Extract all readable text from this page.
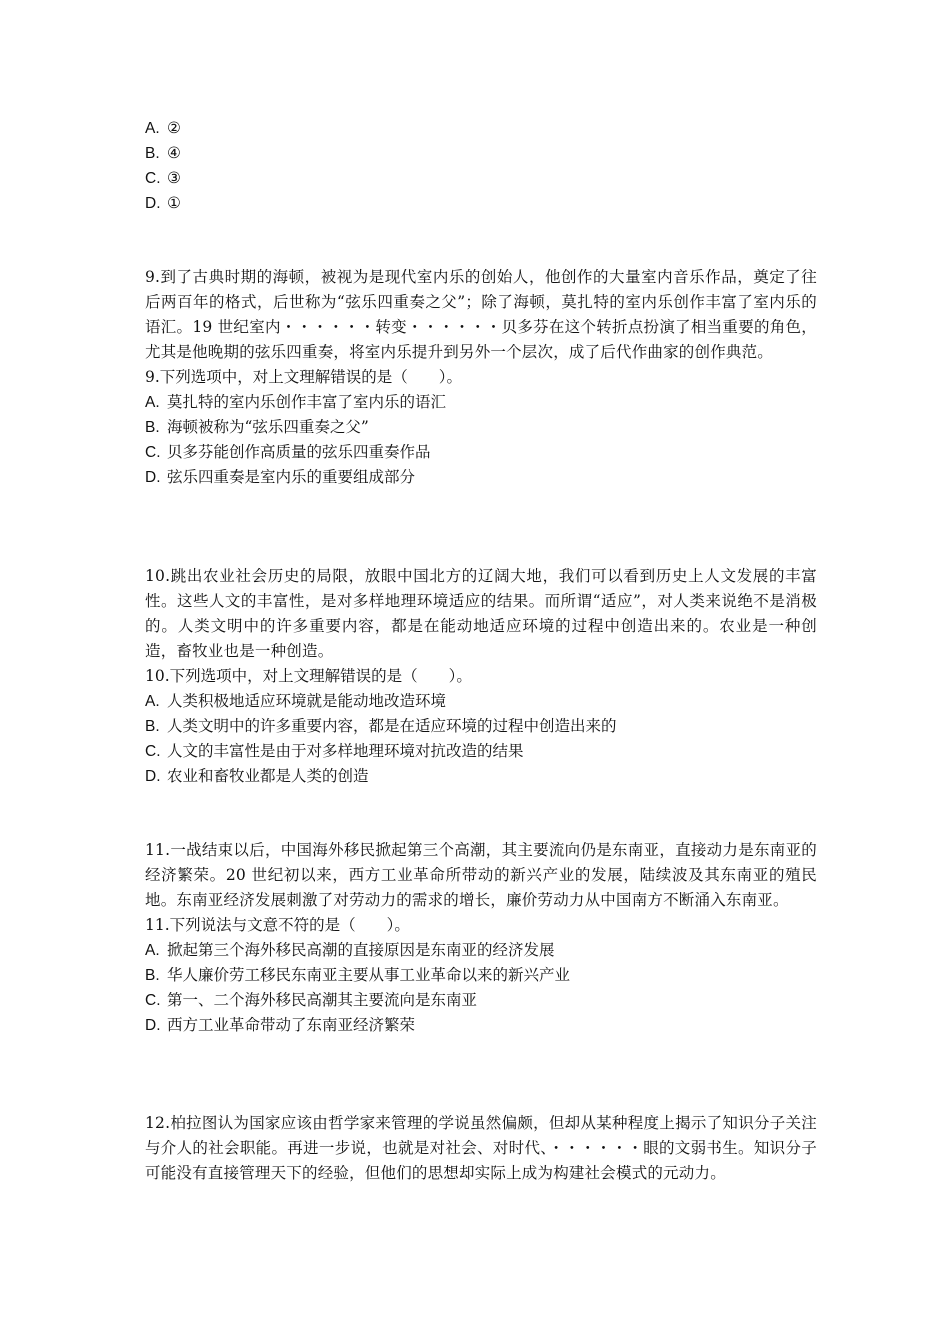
A. ②
B. ④
C. ③
D. ①

9.到了古典时期的海顿，被视为是现代室内乐的创始人，他创作的大量室内音乐作品，奠定了往后两百年的格式，后世称为“弦乐四重奏之父”；除了海顿，莫扎特的室内乐创作丰富了室内乐的语汇。19 世纪室内・・・・・・转变・・・・・・贝多芬在这个转折点扮演了相当重要的角色，尤其是他晚期的弦乐四重奏，将室内乐提升到另外一个层次，成了后代作曲家的创作典范。

9.下列选项中，对上文理解错误的是（　　）。
A. 莫扎特的室内乐创作丰富了室内乐的语汇
B. 海顿被称为“弦乐四重奏之父”
C. 贝多芬能创作高质量的弦乐四重奏作品
D. 弦乐四重奏是室内乐的重要组成部分

10.跳出农业社会历史的局限，放眼中国北方的辽阔大地，我们可以看到历史上人文发展的丰富性。这些人文的丰富性，是对多样地理环境适应的结果。而所谓“适应”，对人类来说绝不是消极的。人类文明中的许多重要内容，都是在能动地适应环境的过程中创造出来的。农业是一种创造，畜牧业也是一种创造。

10.下列选项中，对上文理解错误的是（　　）。
A. 人类积极地适应环境就是能动地改造环境
B. 人类文明中的许多重要内容，都是在适应环境的过程中创造出来的
C. 人文的丰富性是由于对多样地理环境对抗改造的结果
D. 农业和畜牧业都是人类的创造

11.一战结束以后，中国海外移民掀起第三个高潮，其主要流向仍是东南亚，直接动力是东南亚的经济繁荣。20 世纪初以来，西方工业革命所带动的新兴产业的发展，陆续波及其东南亚的殖民地。东南亚经济发展刺激了对劳动力的需求的增长，廉价劳动力从中国南方不断涌入东南亚。

11.下列说法与文意不符的是（　　）。
A. 掀起第三个海外移民高潮的直接原因是东南亚的经济发展
B. 华人廉价劳工移民东南亚主要从事工业革命以来的新兴产业
C. 第一、二个海外移民高潮其主要流向是东南亚
D. 西方工业革命带动了东南亚经济繁荣

12.柏拉图认为国家应该由哲学家来管理的学说虽然偏颇，但却从某种程度上揭示了知识分子关注与介人的社会职能。再进一步说，也就是对社会、对时代、・・・・・・眼的文弱书生。知识分子可能没有直接管理天下的经验，但他们的思想却实际上成为构建社会模式的元动力。
